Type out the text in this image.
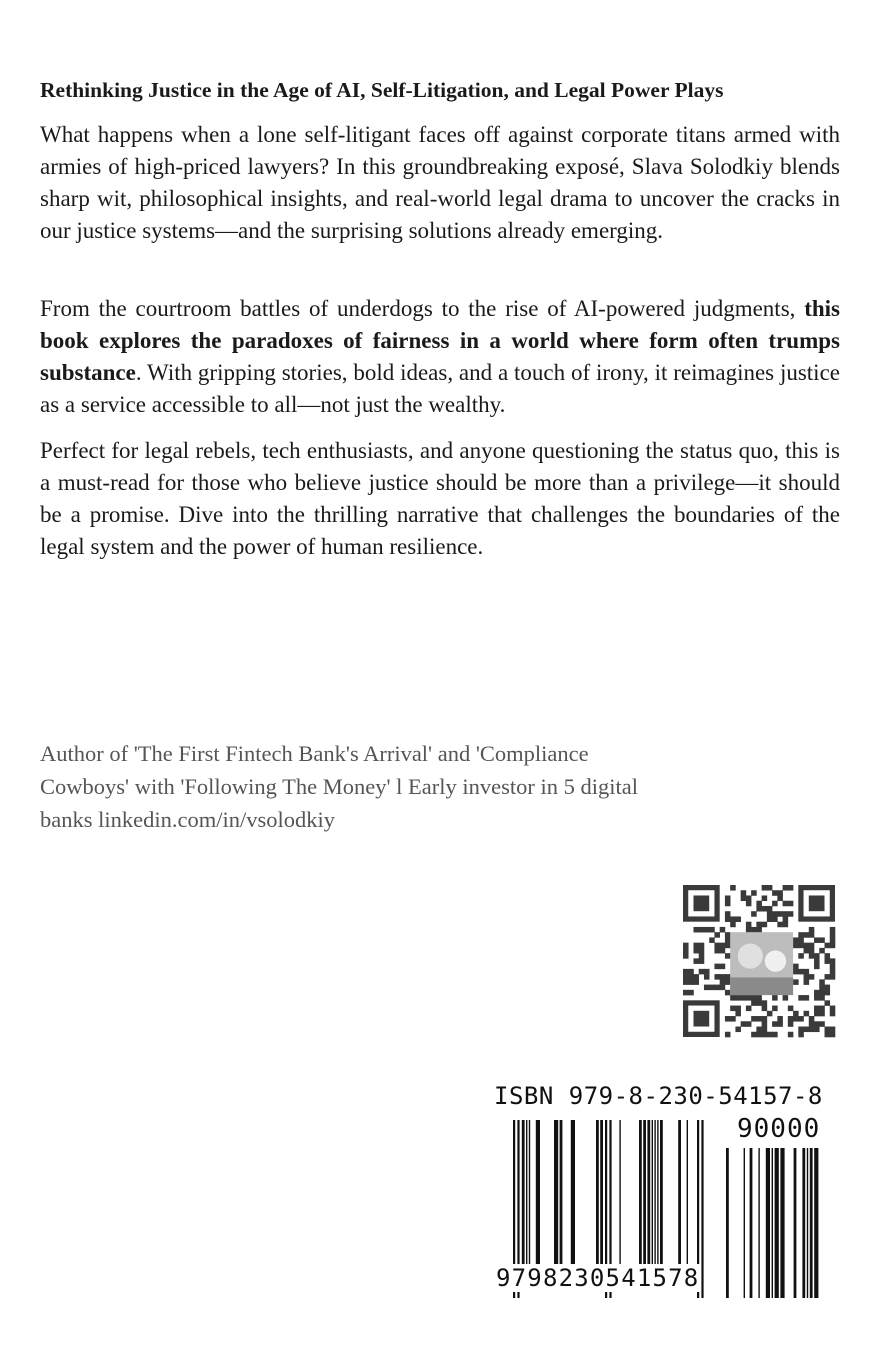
Rethinking Justice in the Age of AI, Self-Litigation, and Legal Power Plays

What happens when a lone self-litigant faces off against corporate titans armed with armies of high-priced lawyers? In this groundbreaking exposé, Slava Solodkiy blends sharp wit, philosophical insights, and real-world legal drama to uncover the cracks in our justice systems—and the surprising solutions already emerging.

From the courtroom battles of underdogs to the rise of AI-powered judgments, this book explores the paradoxes of fairness in a world where form often trumps substance. With gripping stories, bold ideas, and a touch of irony, it reimagines justice as a service accessible to all—not just the wealthy.

Perfect for legal rebels, tech enthusiasts, and anyone questioning the status quo, this is a must-read for those who believe justice should be more than a privilege—it should be a promise. Dive into the thrilling narrative that challenges the boundaries of the legal system and the power of human resilience.

Author of 'The First Fintech Bank's Arrival' and 'Compliance Cowboys' with 'Following The Money' l Early investor in 5 digital banks linkedin.com/in/vsolodkiy

ISBN 979-8-230-54157-8
90000
9798230541578
